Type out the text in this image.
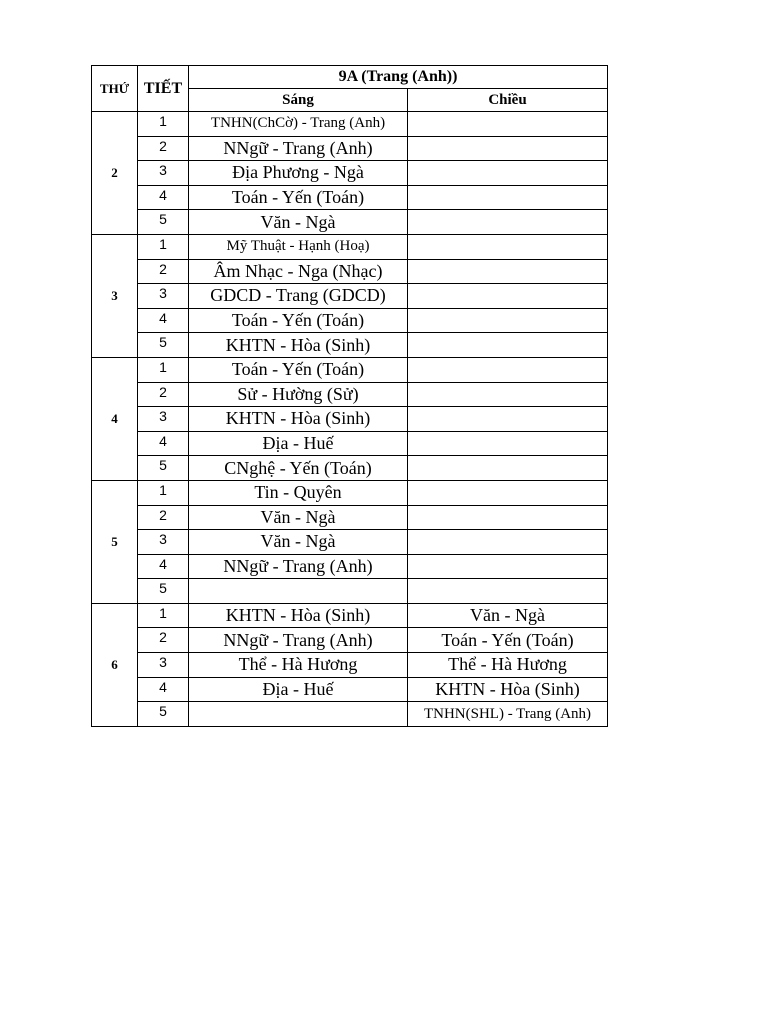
THỨ	TIẾT	9A (Trang (Anh))	
		Sáng	Chiều
2	1	TNHN(ChCờ) - Trang (Anh)	
	2	NNgữ - Trang (Anh)	
	3	Địa Phương - Ngà	
	4	Toán - Yến (Toán)	
	5	Văn - Ngà	
3	1	Mỹ Thuật - Hạnh (Hoạ)	
	2	Âm Nhạc - Nga (Nhạc)	
	3	GDCD - Trang (GDCD)	
	4	Toán - Yến (Toán)	
	5	KHTN - Hòa (Sinh)	
4	1	Toán - Yến (Toán)	
	2	Sử - Hường (Sử)	
	3	KHTN - Hòa (Sinh)	
	4	Địa - Huế	
	5	CNghệ - Yến (Toán)	
5	1	Tin - Quyên	
	2	Văn - Ngà	
	3	Văn - Ngà	
	4	NNgữ - Trang (Anh)	
	5		
6	1	KHTN - Hòa (Sinh)	Văn - Ngà
	2	NNgữ - Trang (Anh)	Toán - Yến (Toán)
	3	Thể - Hà Hương	Thể - Hà Hương
	4	Địa - Huế	KHTN - Hòa (Sinh)
	5		TNHN(SHL) - Trang (Anh)
